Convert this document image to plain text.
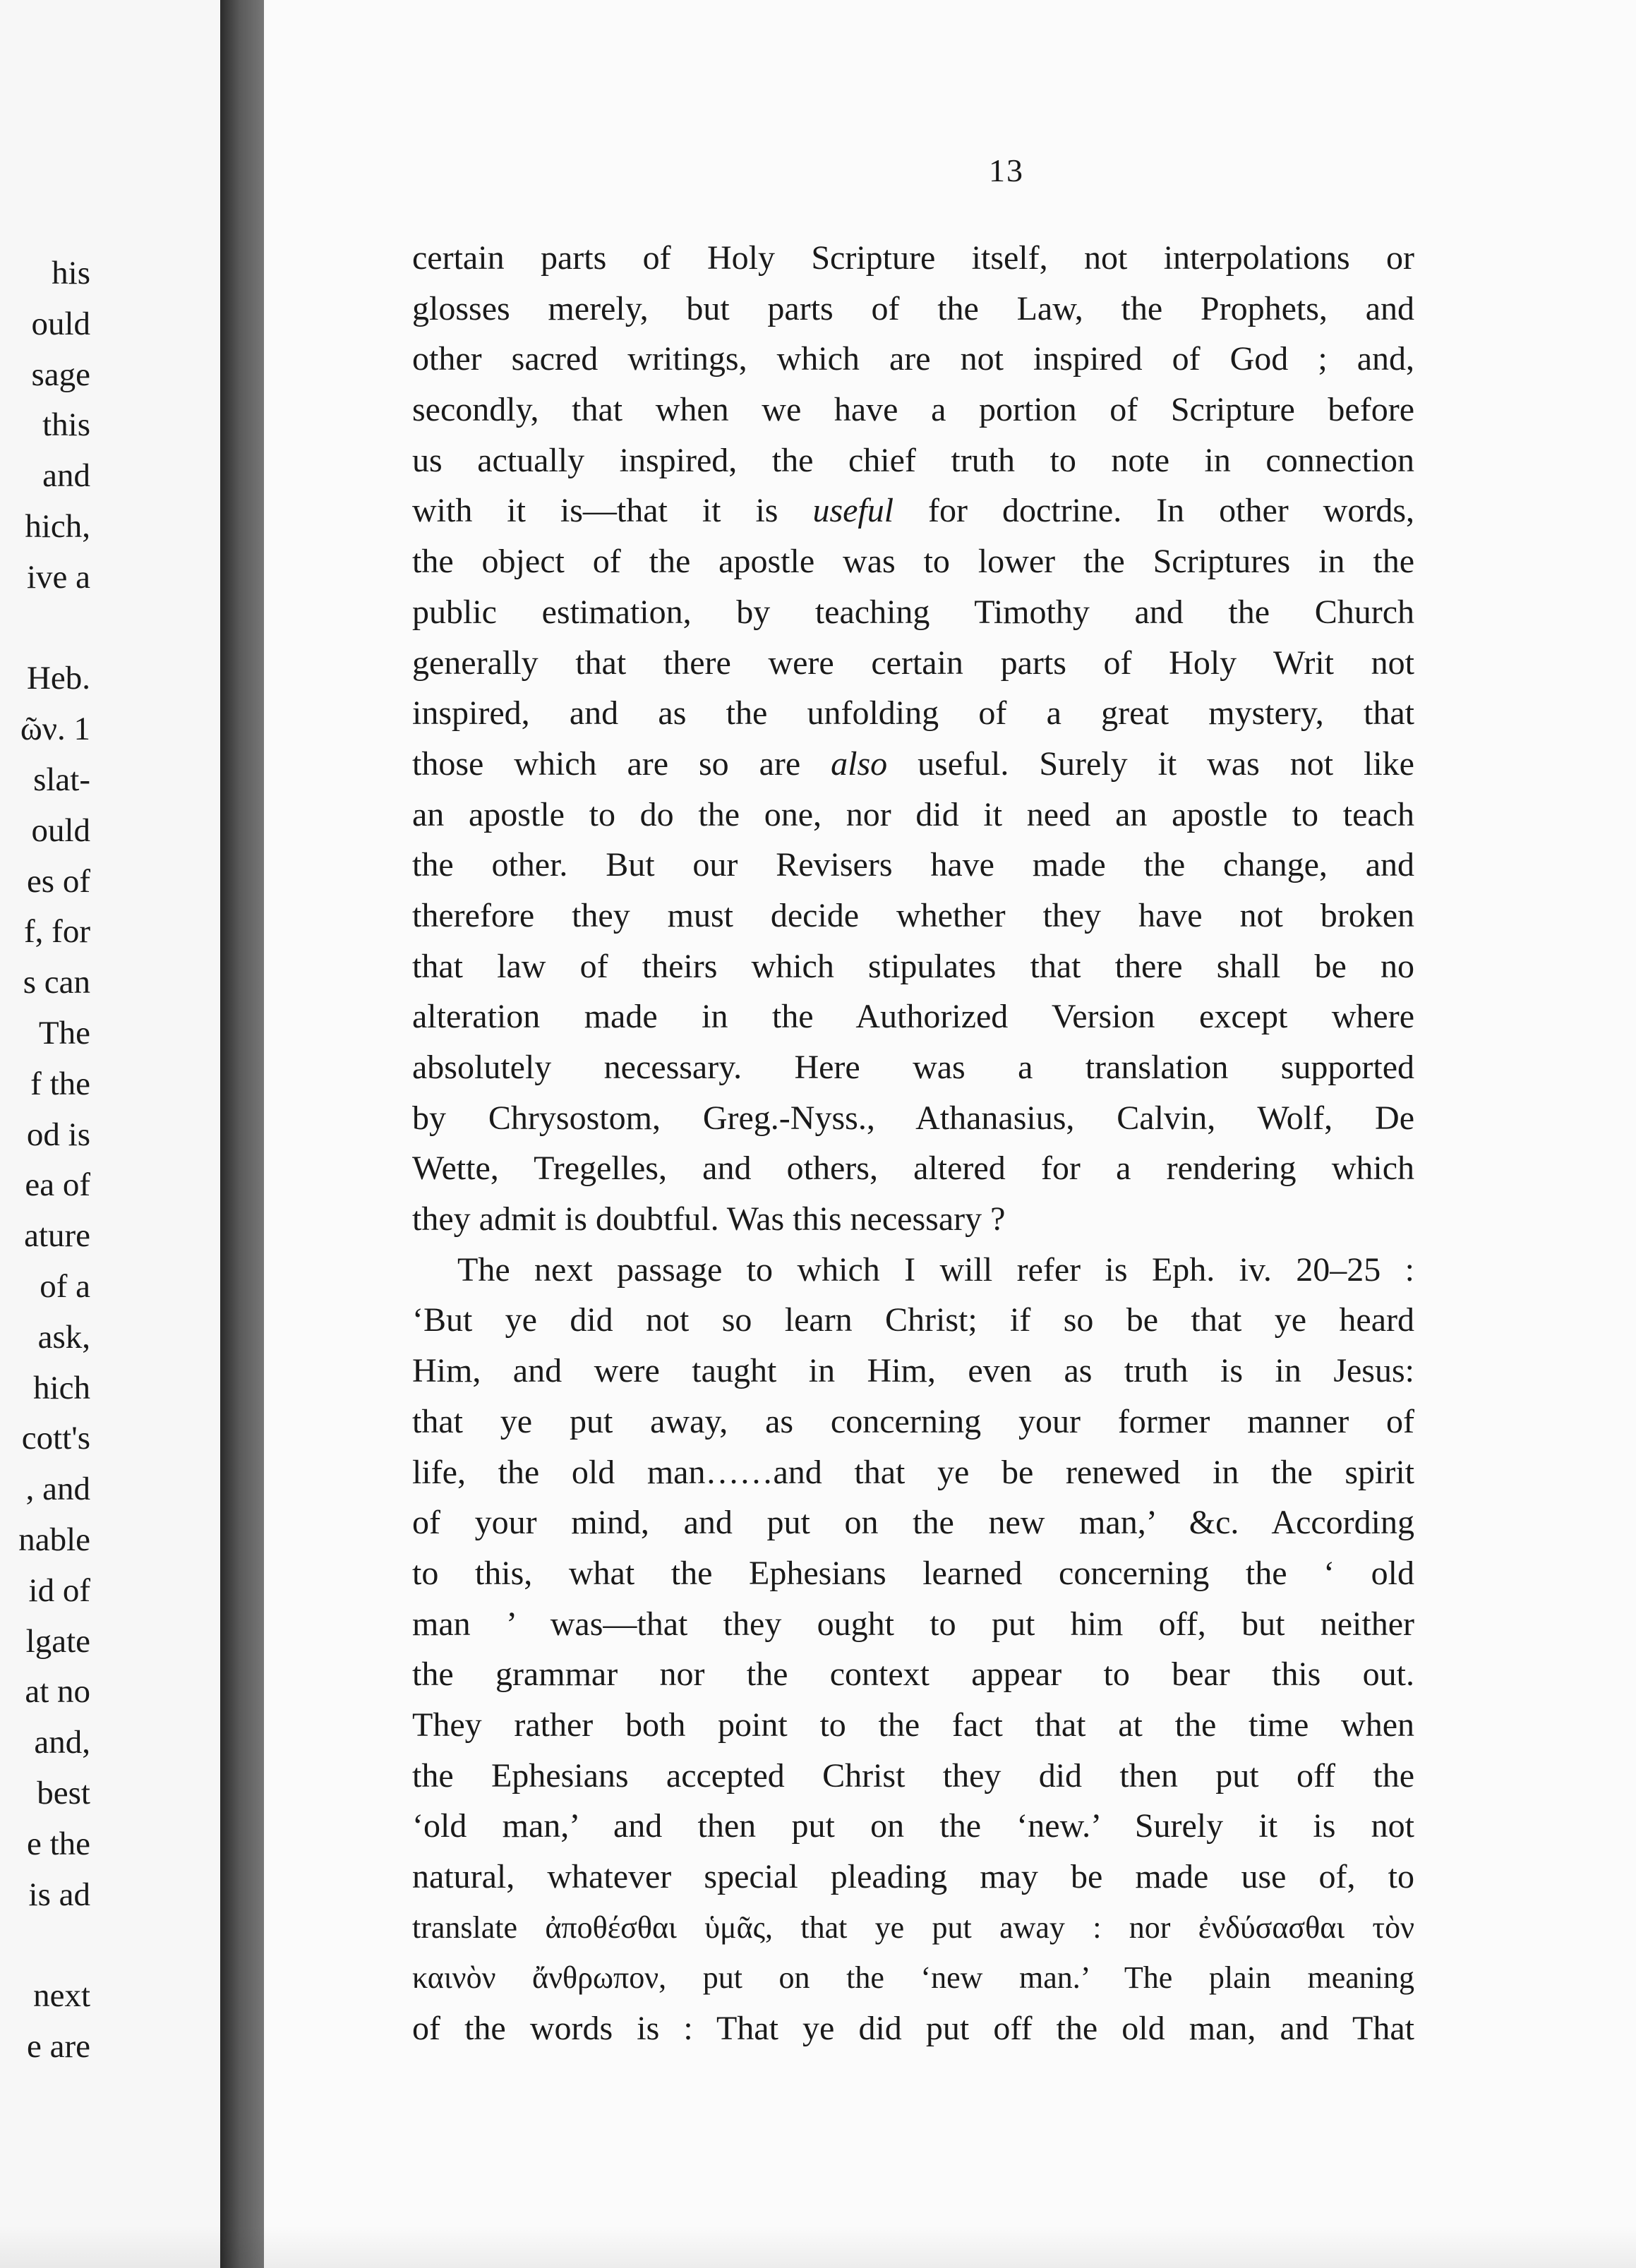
his
ould
sage
this
and
hich,
ive a
Heb.
ῶν. 1
slat-
ould
es of
f, for
s can
The
f the
od is
ea of
ature
of a
ask,
hich
cott's
, and
nable
id of
lgate
at no
and,
best
e the
is ad
next
e are
13
certain parts of Holy Scripture itself, not interpolations or
glosses merely, but parts of the Law, the Prophets, and
other sacred writings, which are not inspired of God ; and,
secondly, that when we have a portion of Scripture before
us actually inspired, the chief truth to note in connection
with it is—that it is useful for doctrine. In other words,
the object of the apostle was to lower the Scriptures in the
public estimation, by teaching Timothy and the Church
generally that there were certain parts of Holy Writ not
inspired, and as the unfolding of a great mystery, that
those which are so are also useful. Surely it was not like
an apostle to do the one, nor did it need an apostle to teach
the other. But our Revisers have made the change, and
therefore they must decide whether they have not broken
that law of theirs which stipulates that there shall be no
alteration made in the Authorized Version except where
absolutely necessary. Here was a translation supported
by Chrysostom, Greg.-Nyss., Athanasius, Calvin, Wolf, De
Wette, Tregelles, and others, altered for a rendering which
they admit is doubtful. Was this necessary ?
The next passage to which I will refer is Eph. iv. 20–25 :
‘But ye did not so learn Christ; if so be that ye heard
Him, and were taught in Him, even as truth is in Jesus:
that ye put away, as concerning your former manner of
life, the old man……and that ye be renewed in the spirit
of your mind, and put on the new man,’ &c. According
to this, what the Ephesians learned concerning the ‘ old
man ’ was—that they ought to put him off, but neither
the grammar nor the context appear to bear this out.
They rather both point to the fact that at the time when
the Ephesians accepted Christ they did then put off the
‘old man,’ and then put on the ‘new.’ Surely it is not
natural, whatever special pleading may be made use of, to
translate ἀποθέσθαι ὑμᾶς, that ye put away : nor ἐνδύσασθαι τὸν
καινὸν ἄνθρωπον, put on the ‘new man.’ The plain meaning
of the words is : That ye did put off the old man, and That
